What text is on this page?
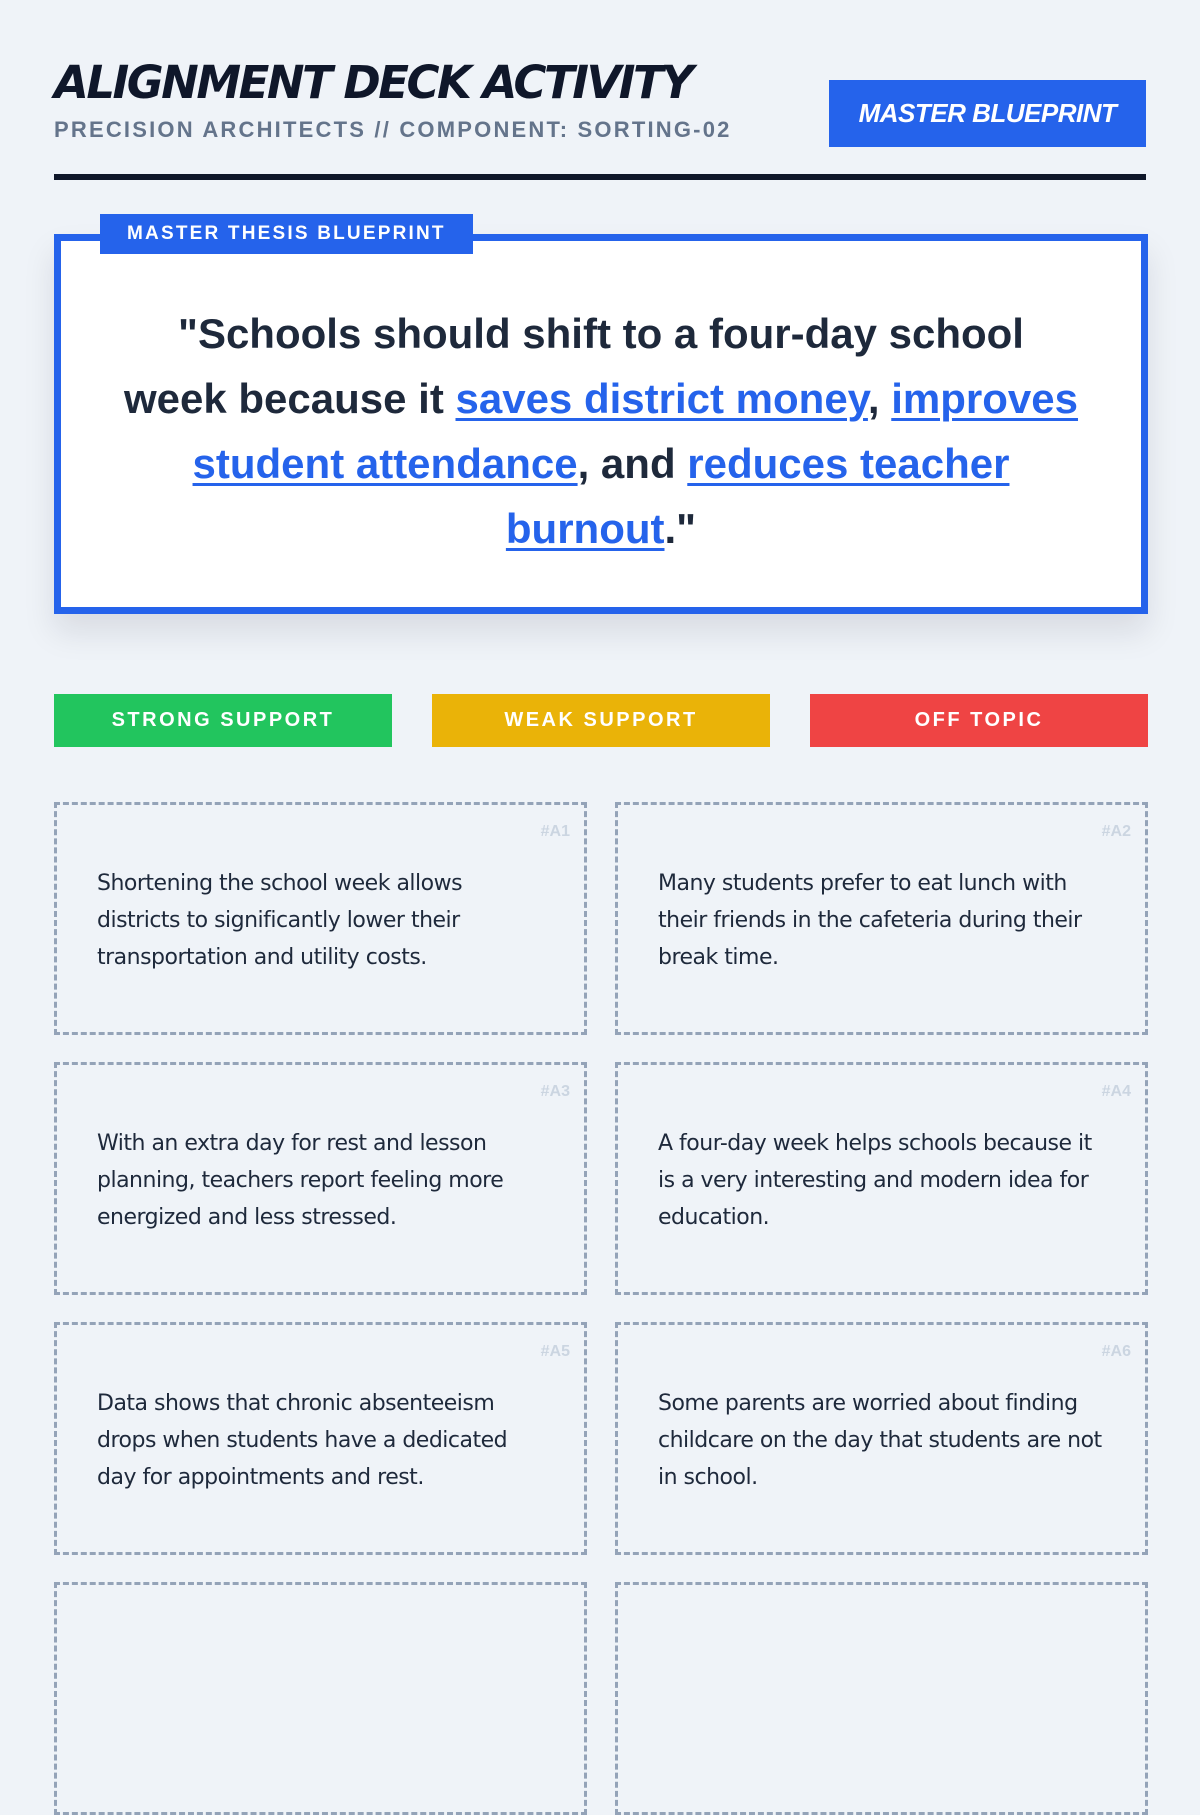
ALIGNMENT DECK ACTIVITY
PRECISION ARCHITECTS // COMPONENT: SORTING-02
MASTER BLUEPRINT
MASTER THESIS BLUEPRINT

"Schools should shift to a four-day school week because it saves district money, improves student attendance, and reduces teacher burnout."

STRONG SUPPORT	WEAK SUPPORT	OFF TOPIC
#A1

Shortening the school week allows districts to significantly lower their transportation and utility costs.

#A2

Many students prefer to eat lunch with their friends in the cafeteria during their break time.

#A3

With an extra day for rest and lesson planning, teachers report feeling more energized and less stressed.

#A4

A four-day week helps schools because it is a very interesting and modern idea for education.

#A5

Data shows that chronic absenteeism drops when students have a dedicated day for appointments and rest.

#A6

Some parents are worried about finding childcare on the day that students are not in school.
